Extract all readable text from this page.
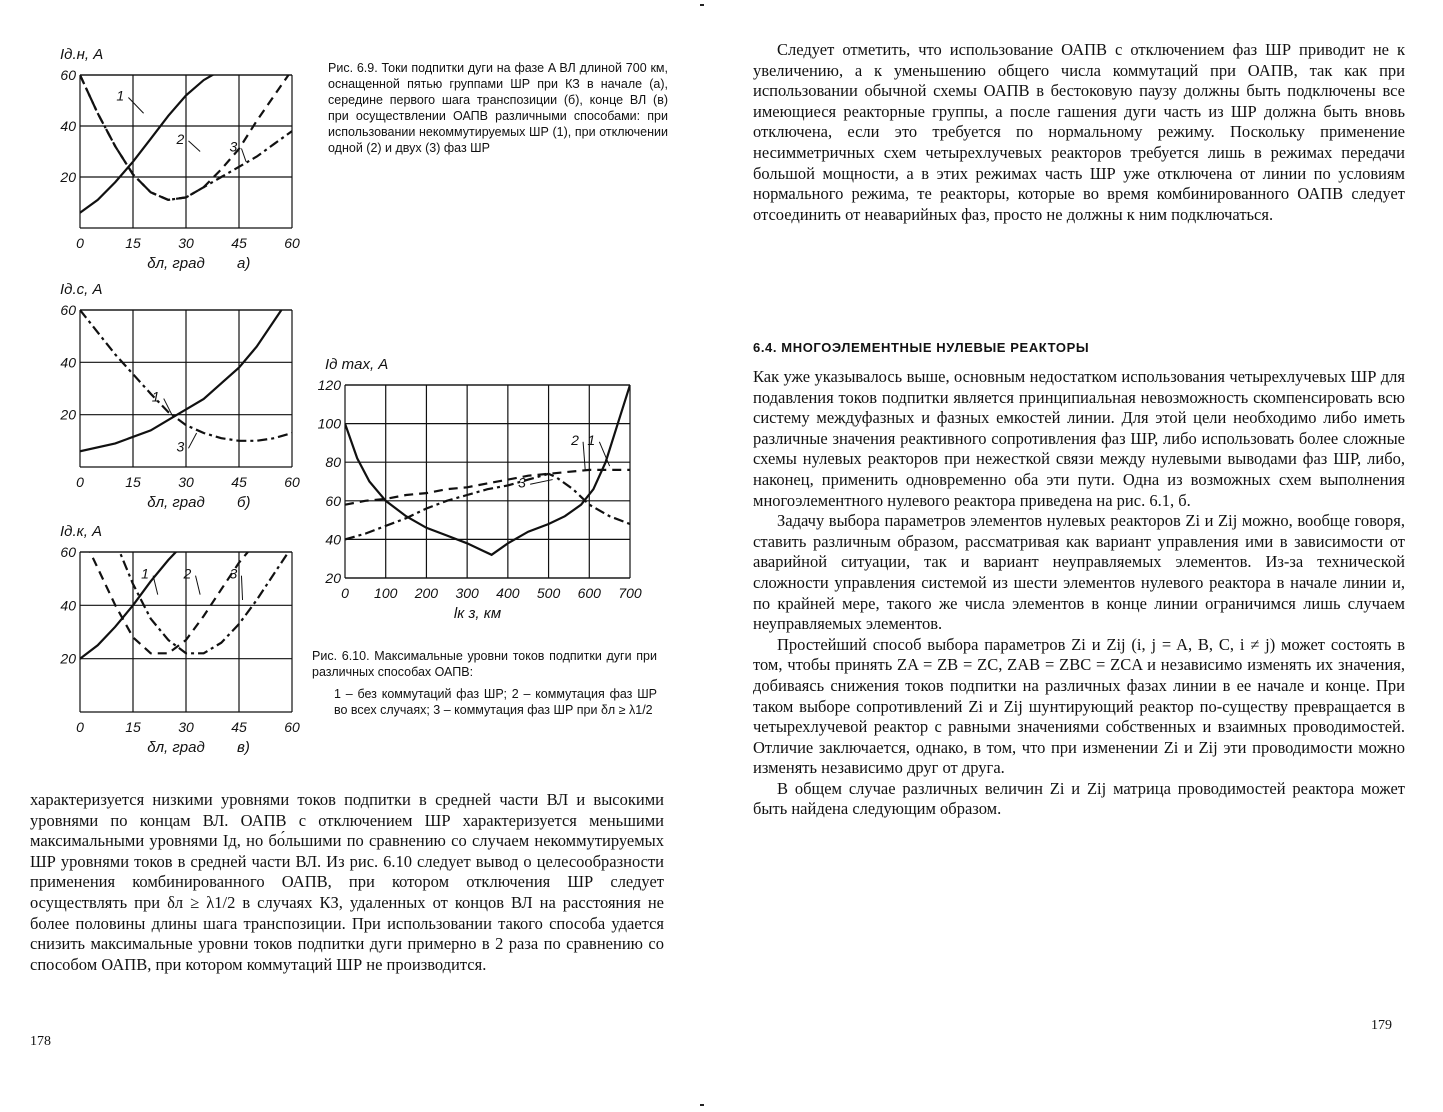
0	15	30	45	60
20
40
60
Iд.н, А
δл, град a)
1
2	3
0	15	30	45	60
20
40
60
Iд.с, А
δл, град б)
1
3
0	15	30	45	60
20
40
60
Iд.к, А
δл, град в)
1 2	3
0 100 200 300 400 500 600 700
20
40
60
80
100
120
Iд max, А
lк з, км
1
2
3
Рис. 6.9. Токи подпитки дуги на фазе A ВЛ длиной 700 км, оснащенной пятью группами ШР при КЗ в начале (а), середине первого шага транспозиции (б), конце ВЛ (в) при осуществлении ОАПВ различными способами: при использовании некоммутируемых ШР (1), при отключении одной (2) и двух (3) фаз ШР
Рис. 6.10. Максимальные уровни токов подпитки дуги при различных способах ОАПВ:
1 – без коммутаций фаз ШР; 2 – коммутация фаз ШР во всех случаях; 3 – коммутация фаз ШР при δл ≥ λ1/2

характеризуется низкими уровнями токов подпитки в средней части ВЛ и высокими уровнями по концам ВЛ. ОАПВ с отключением ШР характеризуется меньшими максимальными уровнями Iд, но бо́льшими по сравнению со случаем некоммутируемых ШР уровнями токов в средней части ВЛ. Из рис. 6.10 следует вывод о целесообразности применения комбинированного ОАПВ, при котором отключения ШР следует осуществлять при δл ≥ λ1/2 в случаях КЗ, удаленных от концов ВЛ на расстояния не более половины длины шага транспозиции. При использовании такого способа удается снизить максимальные уровни токов подпитки дуги примерно в 2 раза по сравнению со способом ОАПВ, при котором коммутаций ШР не производится.

178

Следует отметить, что использование ОАПВ с отключением фаз ШР приводит не к увеличению, а к уменьшению общего числа коммутаций при ОАПВ, так как при использовании обычной схемы ОАПВ в бестоковую паузу должны быть подключены все имеющиеся реакторные группы, а после гашения дуги часть из ШР должна быть вновь отключена, если это требуется по нормальному режиму. Поскольку применение несимметричных схем четырехлучевых реакторов требуется лишь в режимах передачи большой мощности, а в этих режимах часть ШР уже отключена от линии по условиям нормального режима, те реакторы, которые во время комбинированного ОАПВ следует отсоединить от неаварийных фаз, просто не должны к ним подключаться.

6.4. МНОГОЭЛЕМЕНТНЫЕ НУЛЕВЫЕ РЕАКТОРЫ

Как уже указывалось выше, основным недостатком использования четырехлучевых ШР для подавления токов подпитки является принципиальная невозможность скомпенсировать всю систему междуфазных и фазных емкостей линии. Для этой цели необходимо либо иметь различные значения реактивного сопротивления фаз ШР, либо использовать более сложные схемы нулевых реакторов при нежесткой связи между нулевыми выводами фаз ШР, либо, наконец, применить одновременно оба эти пути. Одна из возможных схем выполнения многоэлементного нулевого реактора приведена на рис. 6.1, б.

Задачу выбора параметров элементов нулевых реакторов Zi и Zij можно, вообще говоря, ставить различным образом, рассматривая как вариант управления ими в зависимости от аварийной ситуации, так и вариант неуправляемых элементов. Из-за технической сложности управления системой из шести элементов нулевого реактора в начале линии и, по крайней мере, такого же числа элементов в конце линии ограничимся лишь случаем неуправляемых элементов.

Простейший способ выбора параметров Zi и Zij (i, j = A, B, C, i ≠ j) может состоять в том, чтобы принять ZA = ZB = ZC, ZAB = ZBC = ZCA и независимо изменять их значения, добиваясь снижения токов подпитки на различных фазах линии в ее начале и конце. При таком выборе сопротивлений Zi и Zij шунтирующий реактор по-существу превращается в четырехлучевой реактор с равными значениями собственных и взаимных проводимостей. Отличие заключается, однако, в том, что при изменении Zi и Zij эти проводимости можно изменять независимо друг от друга.

В общем случае различных величин Zi и Zij матрица проводимостей реактора может быть найдена следующим образом.

179
